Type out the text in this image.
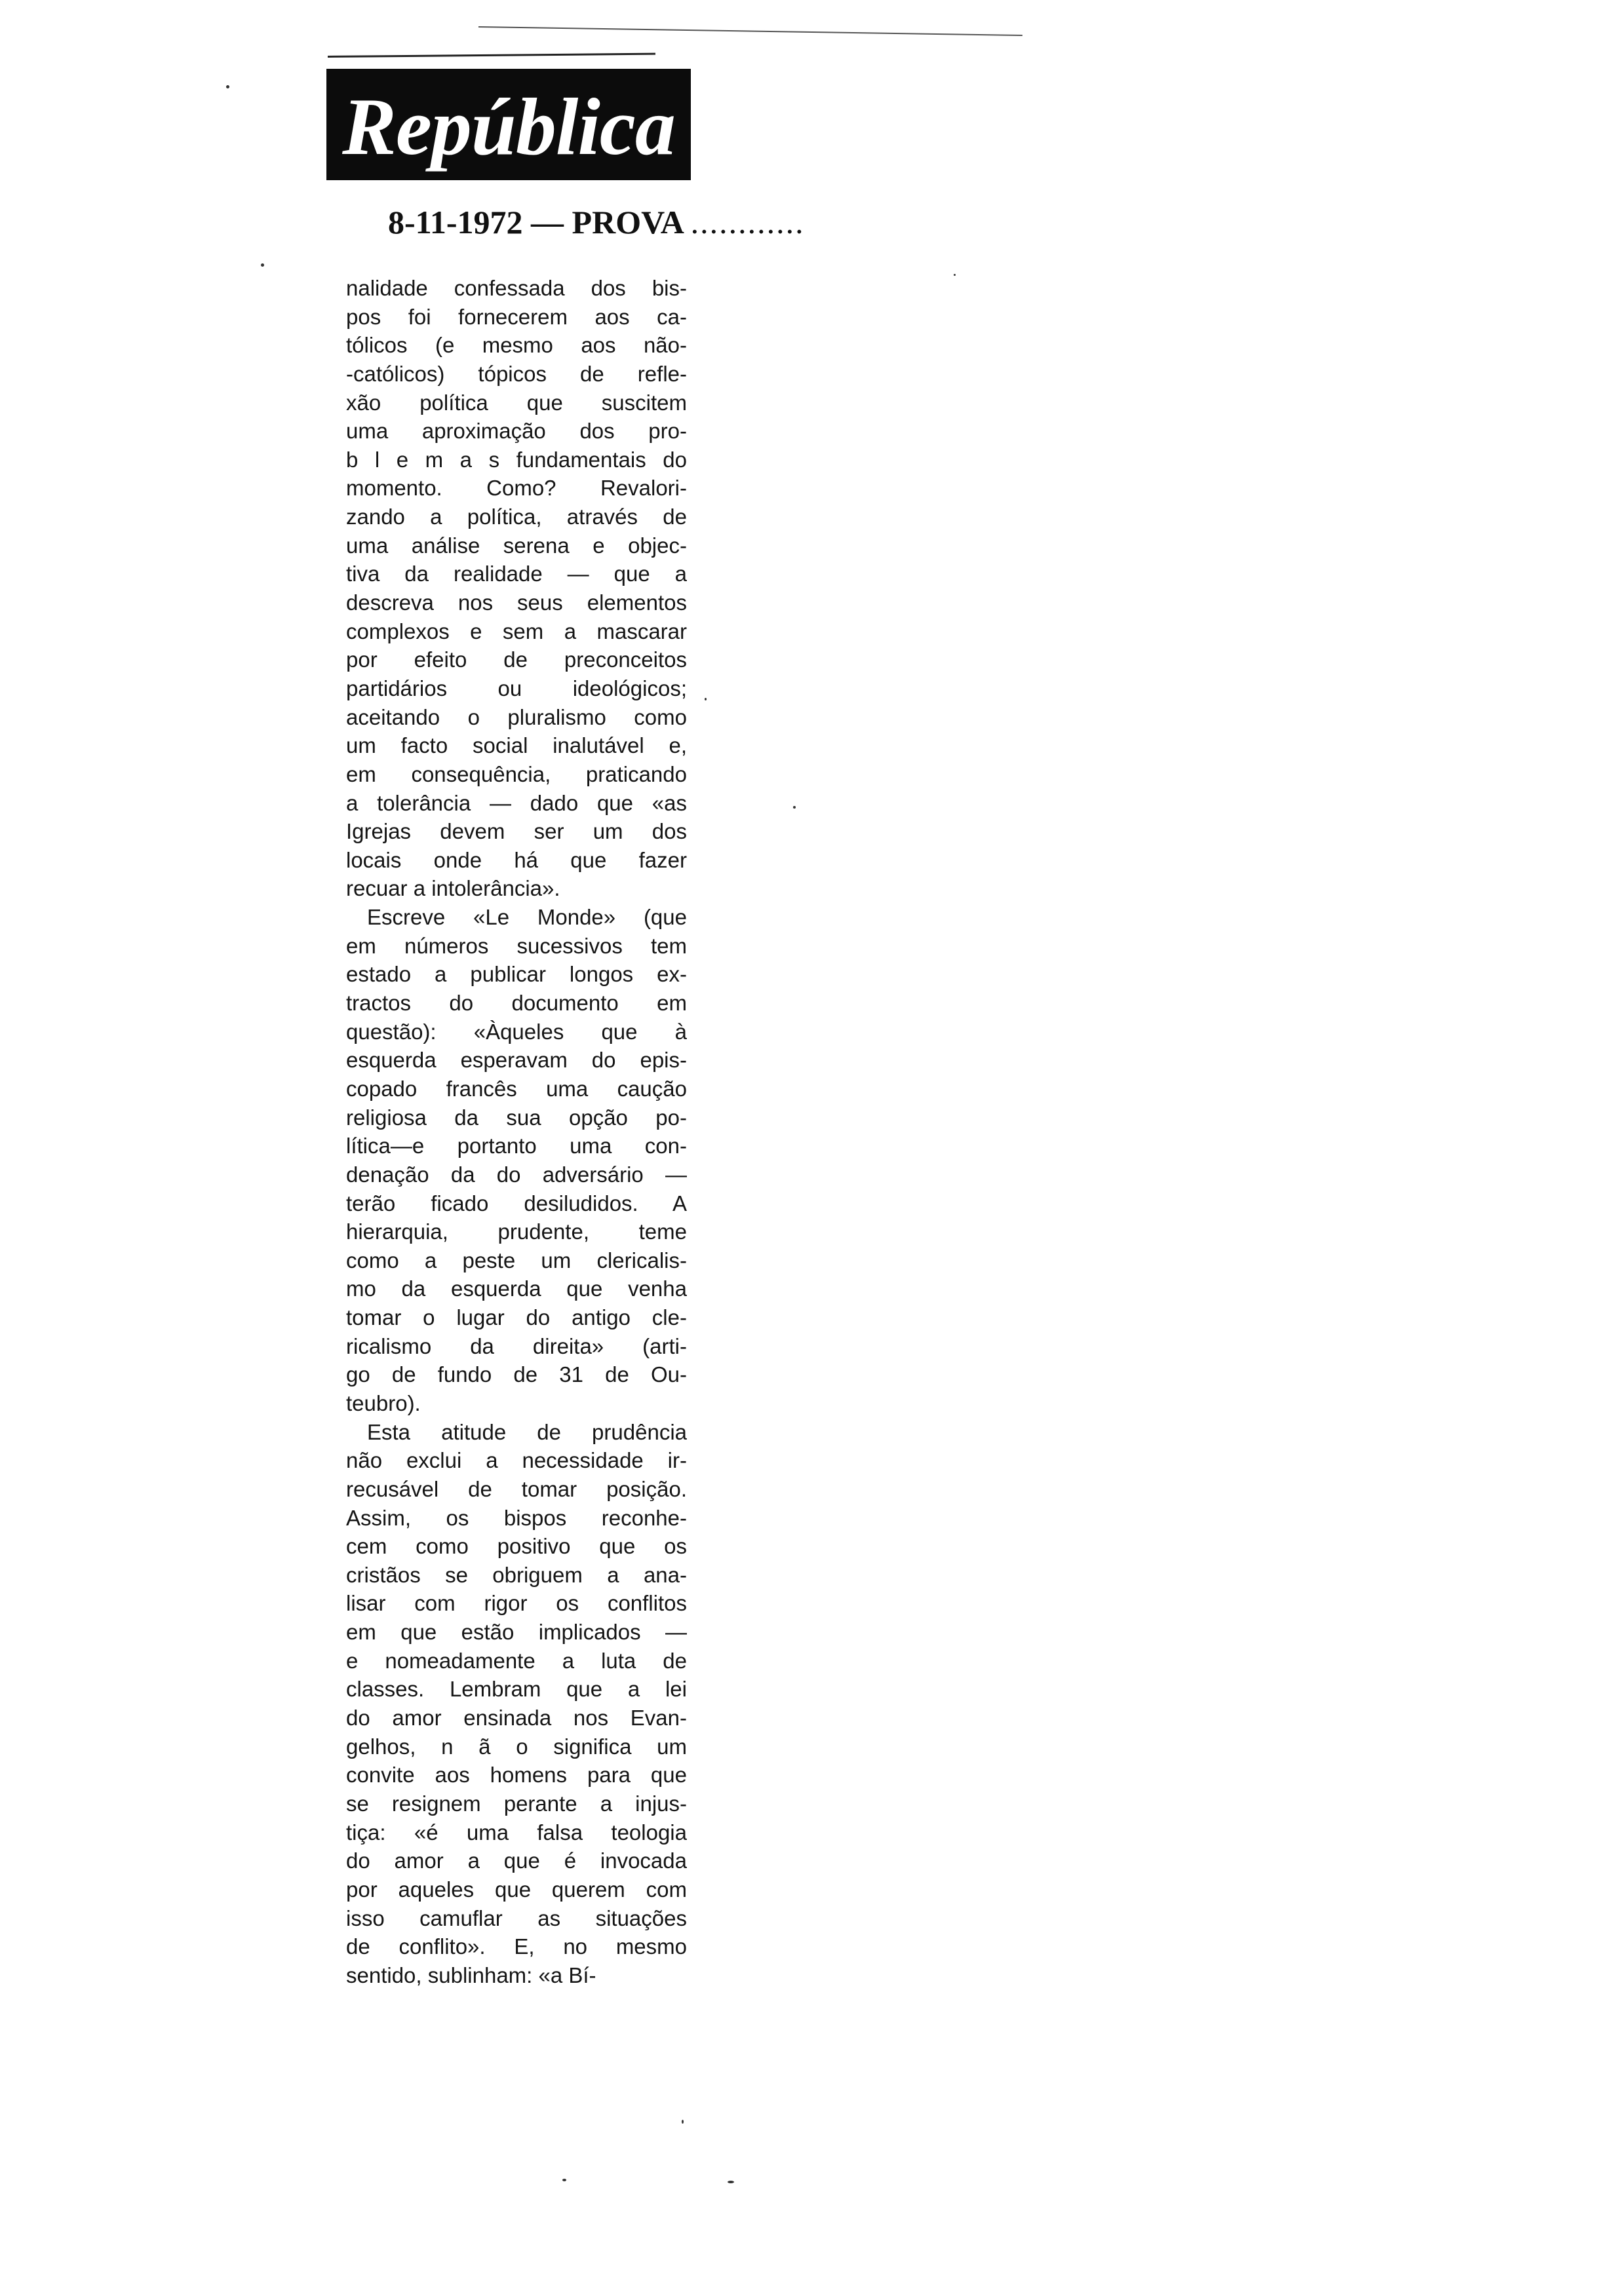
República
8-11-1972 — PROVA ............
nalidade confessada dos bis-
pos foi fornecerem aos ca-
tólicos (e mesmo aos não-
-católicos) tópicos de refle-
xão política que suscitem
uma aproximação dos pro-
b l e m a s fundamentais do
momento. Como? Revalori-
zando a política, através de
uma análise serena e objec-
tiva da realidade — que a
descreva nos seus elementos
complexos e sem a mascarar
por efeito de preconceitos
partidários ou ideológicos;
aceitando o pluralismo como
um facto social inalutável e,
em consequência, praticando
a tolerância — dado que «as
Igrejas devem ser um dos
locais onde há que fazer
recuar a intolerância».
Escreve «Le Monde» (que
em números sucessivos tem
estado a publicar longos ex-
tractos do documento em
questão): «Àqueles que à
esquerda esperavam do epis-
copado francês uma caução
religiosa da sua opção po-
lítica—e portanto uma con-
denação da do adversário —
terão ficado desiludidos. A
hierarquia, prudente, teme
como a peste um clericalis-
mo da esquerda que venha
tomar o lugar do antigo cle-
ricalismo da direita» (arti-
go de fundo de 31 de Ou-
teubro).
Esta atitude de prudência
não exclui a necessidade ir-
recusável de tomar posição.
Assim, os bispos reconhe-
cem como positivo que os
cristãos se obriguem a ana-
lisar com rigor os conflitos
em que estão implicados —
e nomeadamente a luta de
classes. Lembram que a lei
do amor ensinada nos Evan-
gelhos, n ã o significa um
convite aos homens para que
se resignem perante a injus-
tiça: «é uma falsa teologia
do amor a que é invocada
por aqueles que querem com
isso camuflar as situações
de conflito». E, no mesmo
sentido, sublinham: «a Bí-
